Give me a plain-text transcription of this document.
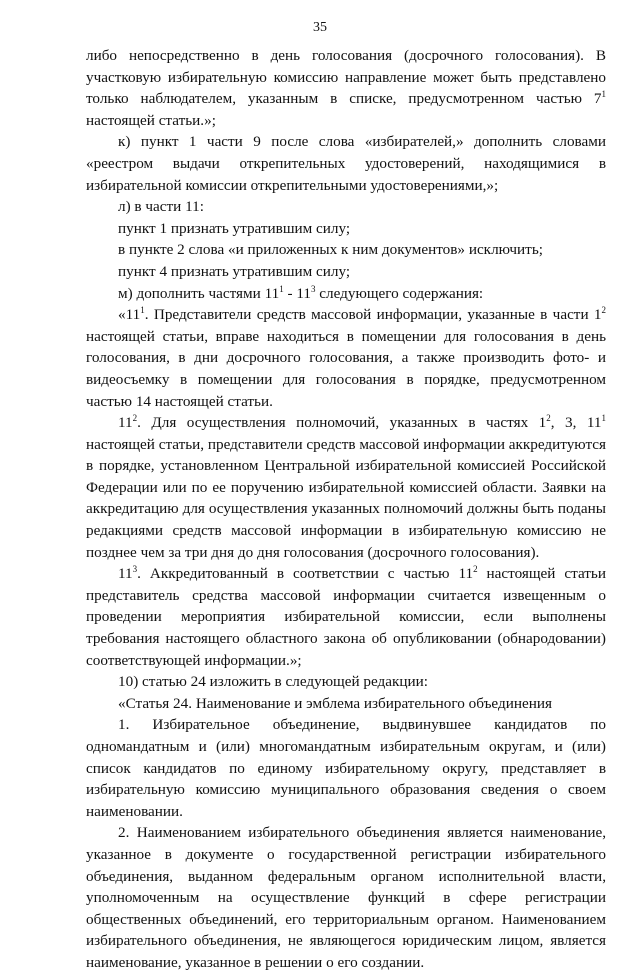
35

либо непосредственно в день голосования (досрочного голосования). В участковую избирательную комиссию направление может быть представлено только наблюдателем, указанным в списке, предусмотренном частью $7^1$ настоящей статьи.»;

к) пункт 1 части 9 после слова «избирателей,» дополнить словами «реестром выдачи открепительных удостоверений, находящимися в избирательной комиссии открепительными удостоверениями,»;

л) в части 11:

пункт 1 признать утратившим силу;

в пункте 2 слова «и приложенных к ним документов» исключить;

пункт 4 признать утратившим силу;

м) дополнить частями $11^1 - 11^3$ следующего содержания:

«$11^1$. Представители средств массовой информации, указанные в части $1^2$ настоящей статьи, вправе находиться в помещении для голосования в день голосования, в дни досрочного голосования, а также производить фото- и видеосъемку в помещении для голосования в порядке, предусмотренном частью 14 настоящей статьи.

$11^2$. Для осуществления полномочий, указанных в частях $1^2$, 3, $11^1$ настоящей статьи, представители средств массовой информации аккредитуются в порядке, установленном Центральной избирательной комиссией Российской Федерации или по ее поручению избирательной комиссией области. Заявки на аккредитацию для осуществления указанных полномочий должны быть поданы редакциями средств массовой информации в избирательную комиссию не позднее чем за три дня до дня голосования (досрочного голосования).

$11^3$. Аккредитованный в соответствии с частью $11^2$ настоящей статьи представитель средства массовой информации считается извещенным о проведении мероприятия избирательной комиссии, если выполнены требования настоящего областного закона об опубликовании (обнародовании) соответствующей информации.»;

10) статью 24 изложить в следующей редакции:

«Статья 24. Наименование и эмблема избирательного объединения

1. Избирательное объединение, выдвинувшее кандидатов по одномандатным и (или) многомандатным избирательным округам, и (или) список кандидатов по единому избирательному округу, представляет в избирательную комиссию муниципального образования сведения о своем наименовании.

2. Наименованием избирательного объединения является наименование, указанное в документе о государственной регистрации избирательного объединения, выданном федеральным органом исполнительной власти, уполномоченным на осуществление функций в сфере регистрации общественных объединений, его территориальным органом. Наименованием избирательного объединения, не являющегося юридическим лицом, является наименование, указанное в решении о его создании.
